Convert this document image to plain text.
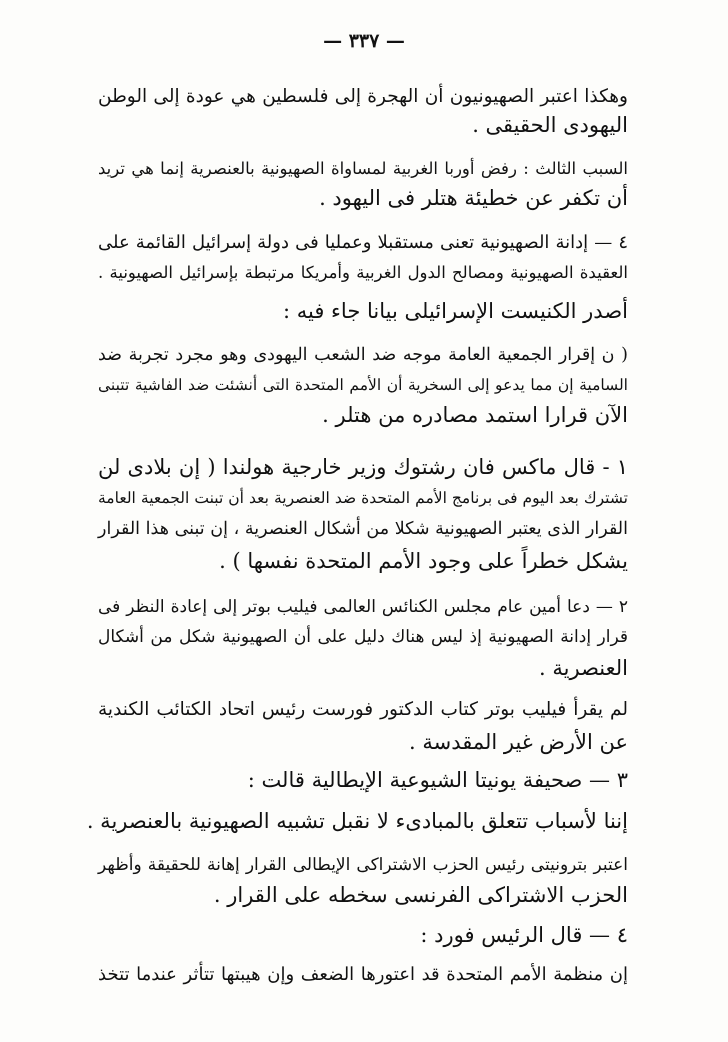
— ٣٣٧ —
وهكذا اعتبر الصهيونيون أن الهجرة إلى فلسطين هي عودة إلى الوطن
اليهودى الحقيقى .
السبب الثالث : رفض أوربا الغربية لمساواة الصهيونية بالعنصرية إنما هي تريد
أن تكفر عن خطيئة هتلر فى اليهود .
٤ — إدانة الصهيونية تعنى مستقبلا وعمليا فى دولة إسرائيل القائمة على
العقيدة الصهيونية ومصالح الدول الغربية وأمريكا مرتبطة بإسرائيل الصهيونية .
أصدر الكنيست الإسرائيلى بيانا جاء فيه :
( ن إقرار الجمعية العامة موجه ضد الشعب اليهودى وهو مجرد تجربة ضد
السامية إن مما يدعو إلى السخرية أن الأمم المتحدة التى أنشئت ضد الفاشية تتبنى
الآن قرارا استمد مصادره من هتلر .
١ - قال ماكس فان رشتوك وزير خارجية هولندا ( إن بلادى لن
تشترك بعد اليوم فى برنامج الأمم المتحدة ضد العنصرية بعد أن تبنت الجمعية العامة
القرار الذى يعتبر الصهيونية شكلا من أشكال العنصرية ، إن تبنى هذا القرار
يشكل خطراً على وجود الأمم المتحدة نفسها ) .
٢ — دعا أمين عام مجلس الكنائس العالمى فيليب بوتر إلى إعادة النظر فى
قرار إدانة الصهيونية إذ ليس هناك دليل على أن الصهيونية شكل من أشكال
العنصرية .
لم يقرأ فيليب بوتر كتاب الدكتور فورست رئيس اتحاد الكتائب الكندية
عن الأرض غير المقدسة .
٣ — صحيفة يونيتا الشيوعية الإيطالية قالت :
إننا لأسباب تتعلق بالمبادىء لا نقبل تشبيه الصهيونية بالعنصرية .
اعتبر بترونيتى رئيس الحزب الاشتراكى الإيطالى القرار إهانة للحقيقة وأظهر
الحزب الاشتراكى الفرنسى سخطه على القرار .
٤ — قال الرئيس فورد :
إن منظمة الأمم المتحدة قد اعتورها الضعف وإن هيبتها تتأثر عندما تتخذ
